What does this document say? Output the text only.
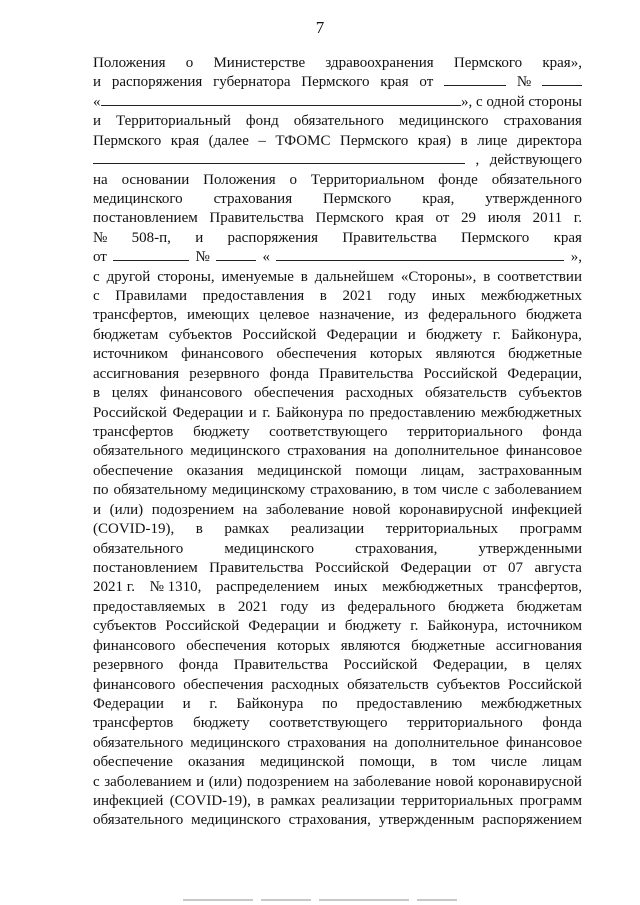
7
Положения о Министерстве здравоохранения Пермского края»,
и распоряжения губернатора Пермского края от	№
«	», с одной стороны
и Территориальный фонд обязательного медицинского страхования
Пермского края (далее – ТФОМС Пермского края) в лице директора
, действующего
на основании Положения о Территориальном фонде обязательного
медицинского страхования Пермского края, утвержденного
постановлением Правительства Пермского края от 29 июля 2011 г.
№ 508-п, и распоряжения Правительства Пермского края
от	№	«	»,
с другой стороны, именуемые в дальнейшем «Стороны», в соответствии
с Правилами предоставления в 2021 году иных межбюджетных
трансфертов, имеющих целевое назначение, из федерального бюджета
бюджетам субъектов Российской Федерации и бюджету г. Байконура,
источником финансового обеспечения которых являются бюджетные
ассигнования резервного фонда Правительства Российской Федерации,
в целях финансового обеспечения расходных обязательств субъектов
Российской Федерации и г. Байконура по предоставлению межбюджетных
трансфертов бюджету соответствующего территориального фонда
обязательного медицинского страхования на дополнительное финансовое
обеспечение оказания медицинской помощи лицам, застрахованным
по обязательному медицинскому страхованию, в том числе с заболеванием
и (или) подозрением на заболевание новой коронавирусной инфекцией
(COVID-19), в рамках реализации территориальных программ
обязательного	медицинского	страхования,	утвержденными
постановлением Правительства Российской Федерации от 07 августа
2021 г. № 1310, распределением иных межбюджетных трансфертов,
предоставляемых в 2021 году из федерального бюджета бюджетам
субъектов Российской Федерации и бюджету г. Байконура, источником
финансового обеспечения которых являются бюджетные ассигнования
резервного фонда Правительства Российской Федерации, в целях
финансового обеспечения расходных обязательств субъектов Российской
Федерации и г. Байконура по предоставлению межбюджетных
трансфертов бюджету соответствующего территориального фонда
обязательного медицинского страхования на дополнительное финансовое
обеспечение оказания медицинской помощи, в том числе лицам
с заболеванием и (или) подозрением на заболевание новой коронавирусной
инфекцией (COVID-19), в рамках реализации территориальных программ
обязательного медицинского страхования, утвержденным распоряжением
